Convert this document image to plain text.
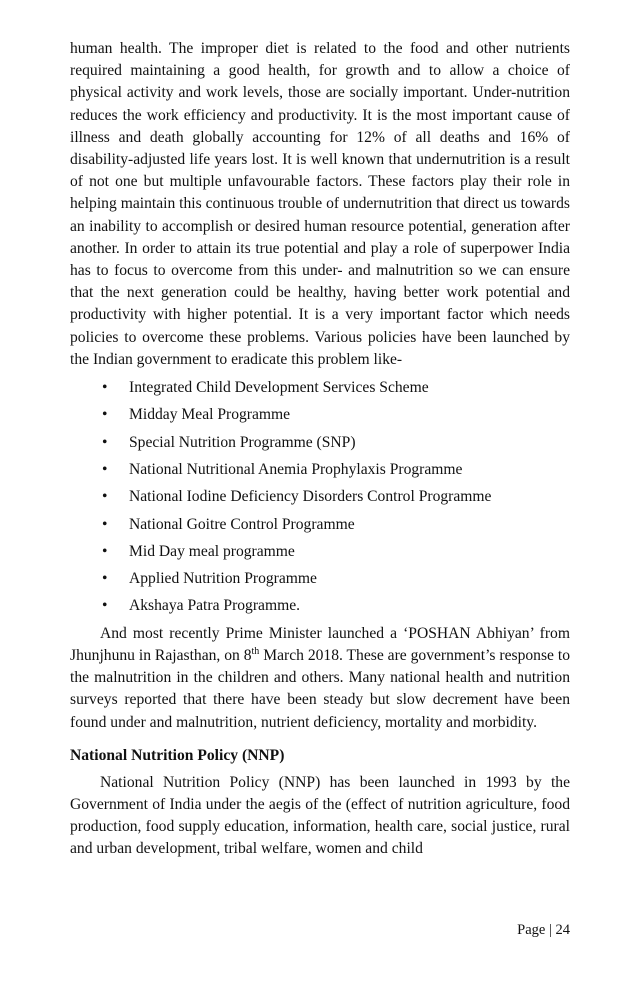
human health. The improper diet is related to the food and other nutrients required maintaining a good health, for growth and to allow a choice of physical activity and work levels, those are socially important. Under-nutrition reduces the work efficiency and productivity. It is the most important cause of illness and death globally accounting for 12% of all deaths and 16% of disability-adjusted life years lost. It is well known that undernutrition is a result of not one but multiple unfavourable factors. These factors play their role in helping maintain this continuous trouble of undernutrition that direct us towards an inability to accomplish or desired human resource potential, generation after another. In order to attain its true potential and play a role of superpower India has to focus to overcome from this under- and malnutrition so we can ensure that the next generation could be healthy, having better work potential and productivity with higher potential. It is a very important factor which needs policies to overcome these problems. Various policies have been launched by the Indian government to eradicate this problem like-

• Integrated Child Development Services Scheme
• Midday Meal Programme
• Special Nutrition Programme (SNP)
• National Nutritional Anemia Prophylaxis Programme
• National Iodine Deficiency Disorders Control Programme
• National Goitre Control Programme
• Mid Day meal programme
• Applied Nutrition Programme
• Akshaya Patra Programme.

And most recently Prime Minister launched a ‘POSHAN Abhiyan’ from Jhunjhunu in Rajasthan, on 8th March 2018. These are government’s response to the malnutrition in the children and others. Many national health and nutrition surveys reported that there have been steady but slow decrement have been found under and malnutrition, nutrient deficiency, mortality and morbidity.

National Nutrition Policy (NNP)

National Nutrition Policy (NNP) has been launched in 1993 by the Government of India under the aegis of the (effect of nutrition agriculture, food production, food supply education, information, health care, social justice, rural and urban development, tribal welfare, women and child

Page | 24
